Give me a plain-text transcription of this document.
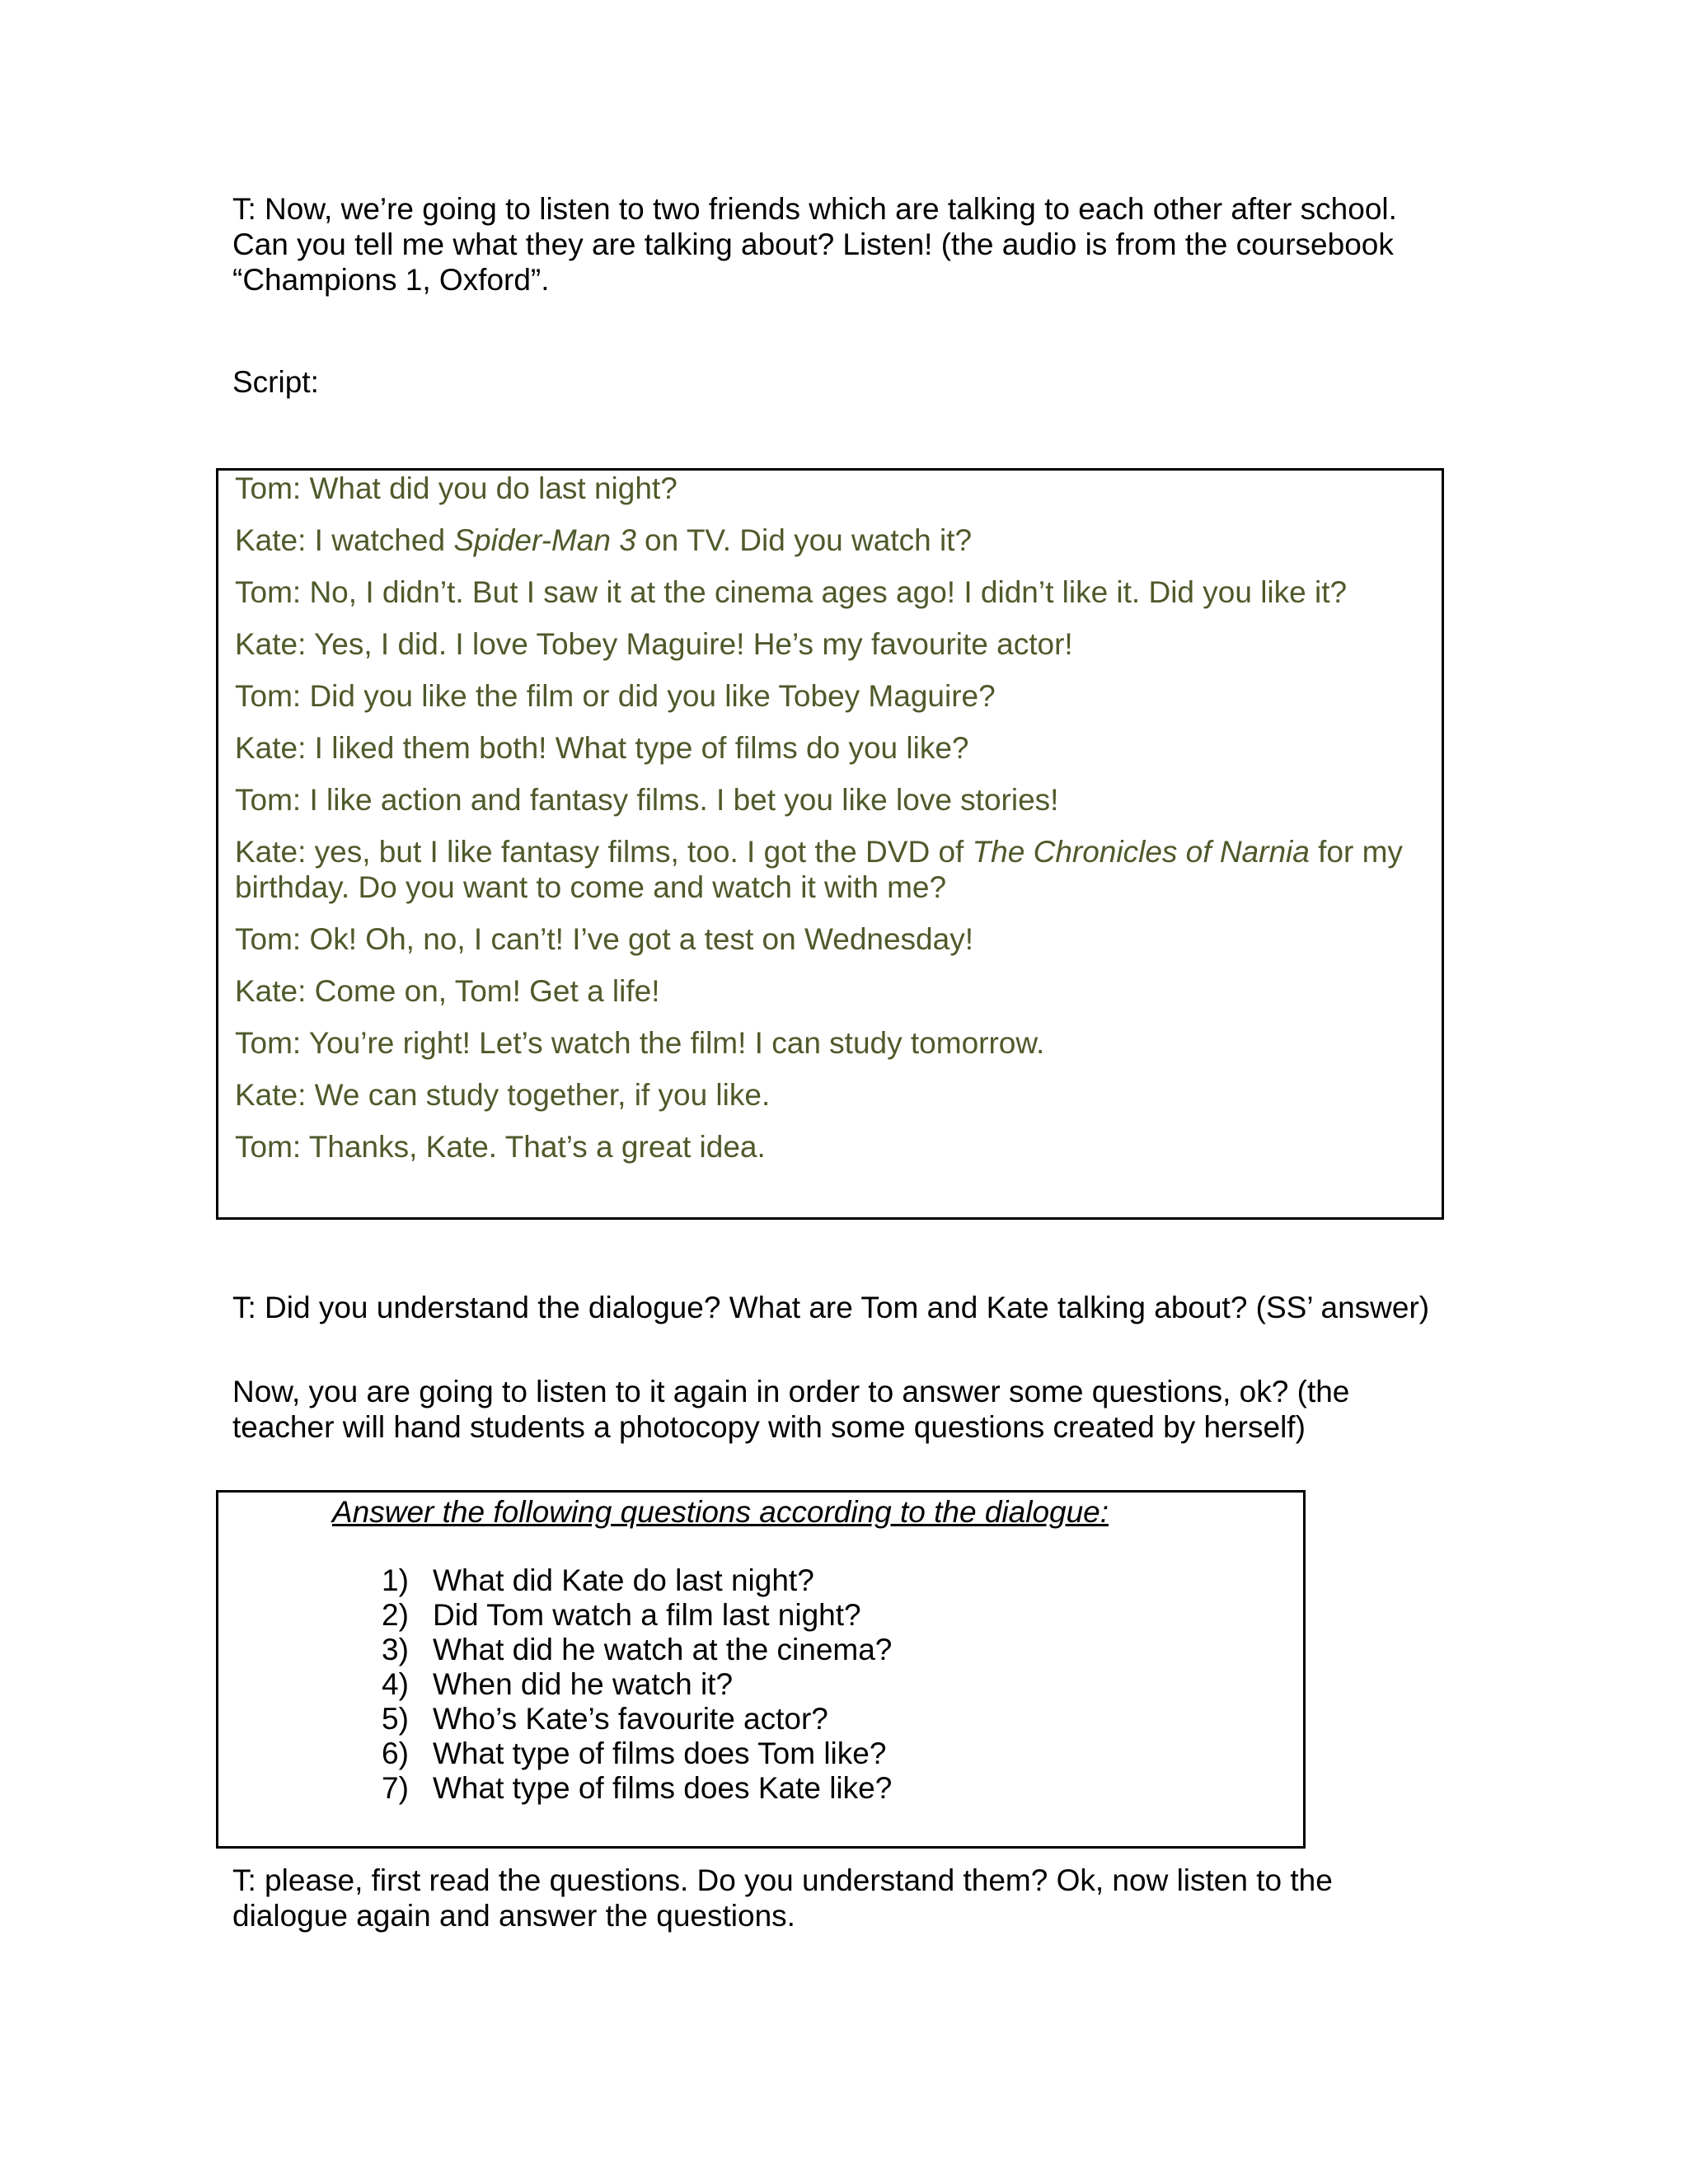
T: Now, we’re going to listen to two friends which are talking to each other after school.
Can you tell me what they are talking about? Listen! (the audio is from the coursebook
“Champions 1, Oxford”.

Script:

Tom: What did you do last night?
Kate: I watched Spider-Man 3 on TV. Did you watch it?
Tom: No, I didn’t. But I saw it at the cinema ages ago! I didn’t like it. Did you like it?
Kate: Yes, I did. I love Tobey Maguire! He’s my favourite actor!
Tom: Did you like the film or did you like Tobey Maguire?
Kate: I liked them both! What type of films do you like?
Tom: I like action and fantasy films. I bet you like love stories!
Kate: yes, but I like fantasy films, too. I got the DVD of The Chronicles of Narnia for my
birthday. Do you want to come and watch it with me?
Tom: Ok! Oh, no, I can’t! I’ve got a test on Wednesday!
Kate: Come on, Tom! Get a life!
Tom: You’re right! Let’s watch the film! I can study tomorrow.
Kate: We can study together, if you like.
Tom: Thanks, Kate. That’s a great idea.

T: Did you understand the dialogue? What are Tom and Kate talking about? (SS’ answer)

Now, you are going to listen to it again in order to answer some questions, ok? (the
teacher will hand students a photocopy with some questions created by herself)

Answer the following questions according to the dialogue:

1) What did Kate do last night?
2) Did Tom watch a film last night?
3) What did he watch at the cinema?
4) When did he watch it?
5) Who’s Kate’s favourite actor?
6) What type of films does Tom like?
7) What type of films does Kate like?

T: please, first read the questions. Do you understand them? Ok, now listen to the
dialogue again and answer the questions.
